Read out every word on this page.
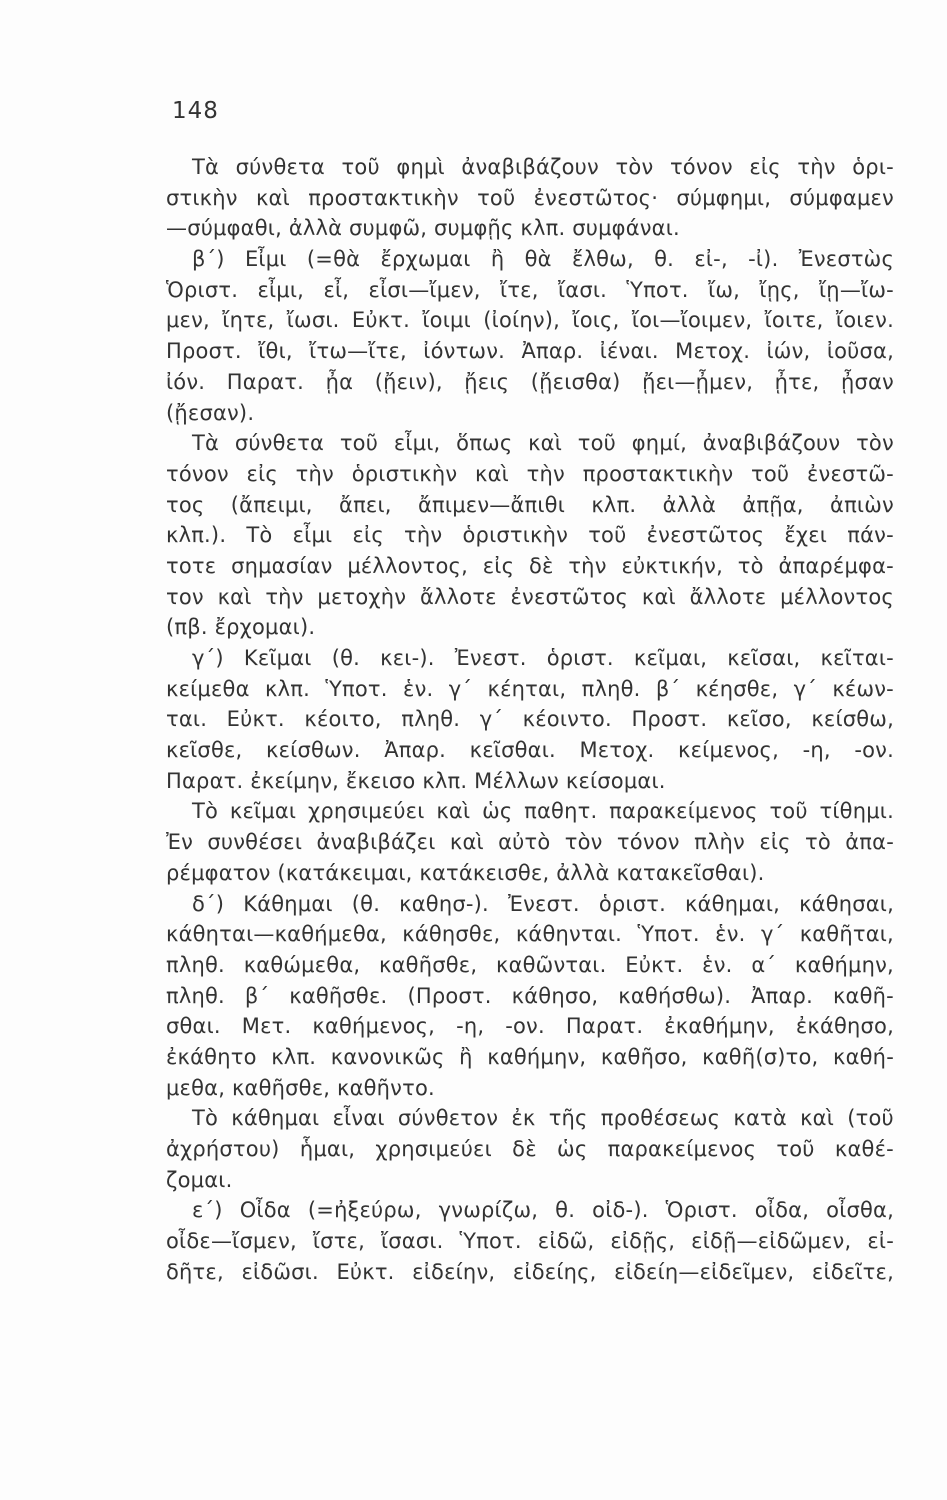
148
Τὰ σύνθετα τοῦ φημὶ ἀναβιβάζουν τὸν τόνον εἰς τὴν ὁρι-
στικὴν καὶ προστακτικὴν τοῦ ἐνεστῶτος· σύμφημι, σύμφαμεν
—σύμφαθι, ἀλλὰ συμφῶ, συμφῇς κλπ. συμφάναι.
β΄) Εἶμι (=θὰ ἔρχωμαι ἢ θὰ ἔλθω, θ. εἰ-, -ἰ). Ἐνεστὼς
Ὁριστ. εἶμι, εἶ, εἶσι—ἴμεν, ἴτε, ἴασι. Ὑποτ. ἴω, ἴῃς, ἴῃ—ἴω-
μεν, ἴητε, ἴωσι. Εὐκτ. ἴοιμι (ἰοίην), ἴοις, ἴοι—ἴοιμεν, ἴοιτε, ἴοιεν.
Προστ. ἴθι, ἴτω—ἴτε, ἰόντων. Ἀπαρ. ἰέναι. Μετοχ. ἰών, ἰοῦσα,
ἰόν. Παρατ. ᾖα (ᾔειν), ᾔεις (ᾔεισθα) ᾔει—ᾖμεν, ᾖτε, ᾖσαν
(ᾔεσαν).
Τὰ σύνθετα τοῦ εἶμι, ὅπως καὶ τοῦ φημί, ἀναβιβάζουν τὸν
τόνον εἰς τὴν ὁριστικὴν καὶ τὴν προστακτικὴν τοῦ ἐνεστῶ-
τος (ἄπειμι, ἄπει, ἄπιμεν—ἄπιθι κλπ. ἀλλὰ ἀπῇα, ἀπιὼν
κλπ.). Τὸ εἶμι εἰς τὴν ὁριστικὴν τοῦ ἐνεστῶτος ἔχει πάν-
τοτε σημασίαν μέλλοντος, εἰς δὲ τὴν εὐκτικήν, τὸ ἀπαρέμφα-
τον καὶ τὴν μετοχὴν ἄλλοτε ἐνεστῶτος καὶ ἄλλοτε μέλλοντος
(πβ. ἔρχομαι).
γ΄) Κεῖμαι (θ. κει-). Ἐνεστ. ὁριστ. κεῖμαι, κεῖσαι, κεῖται-
κείμεθα κλπ. Ὑποτ. ἑν. γ΄ κέηται, πληθ. β΄ κέησθε, γ΄ κέων-
ται. Εὐκτ. κέοιτο, πληθ. γ΄ κέοιντο. Προστ. κεῖσο, κείσθω,
κεῖσθε, κείσθων. Ἀπαρ. κεῖσθαι. Μετοχ. κείμενος, -η, -ον.
Παρατ. ἐκείμην, ἔκεισο κλπ. Μέλλων κείσομαι.
Τὸ κεῖμαι χρησιμεύει καὶ ὡς παθητ. παρακείμενος τοῦ τίθημι.
Ἐν συνθέσει ἀναβιβάζει καὶ αὐτὸ τὸν τόνον πλὴν εἰς τὸ ἀπα-
ρέμφατον (κατάκειμαι, κατάκεισθε, ἀλλὰ κατακεῖσθαι).
δ΄) Κάθημαι (θ. καθησ-). Ἐνεστ. ὁριστ. κάθημαι, κάθησαι,
κάθηται—καθήμεθα, κάθησθε, κάθηνται. Ὑποτ. ἑν. γ΄ καθῆται,
πληθ. καθώμεθα, καθῆσθε, καθῶνται. Εὐκτ. ἑν. α΄ καθήμην,
πληθ. β΄ καθῆσθε. (Προστ. κάθησο, καθήσθω). Ἀπαρ. καθῆ-
σθαι. Μετ. καθήμενος, -η, -ον. Παρατ. ἐκαθήμην, ἐκάθησο,
ἐκάθητο κλπ. κανονικῶς ἢ καθήμην, καθῆσο, καθῆ(σ)το, καθή-
μεθα, καθῆσθε, καθῆντο.
Τὸ κάθημαι εἶναι σύνθετον ἐκ τῆς προθέσεως κατὰ καὶ (τοῦ
ἀχρήστου) ἧμαι, χρησιμεύει δὲ ὡς παρακείμενος τοῦ καθέ-
ζομαι.
ε΄) Οἶδα (=ἠξεύρω, γνωρίζω, θ. οἰδ-). Ὁριστ. οἶδα, οἶσθα,
οἶδε—ἴσμεν, ἴστε, ἴσασι. Ὑποτ. εἰδῶ, εἰδῇς, εἰδῇ—εἰδῶμεν, εἰ-
δῆτε, εἰδῶσι. Εὐκτ. εἰδείην, εἰδείης, εἰδείη—εἰδεῖμεν, εἰδεῖτε,
